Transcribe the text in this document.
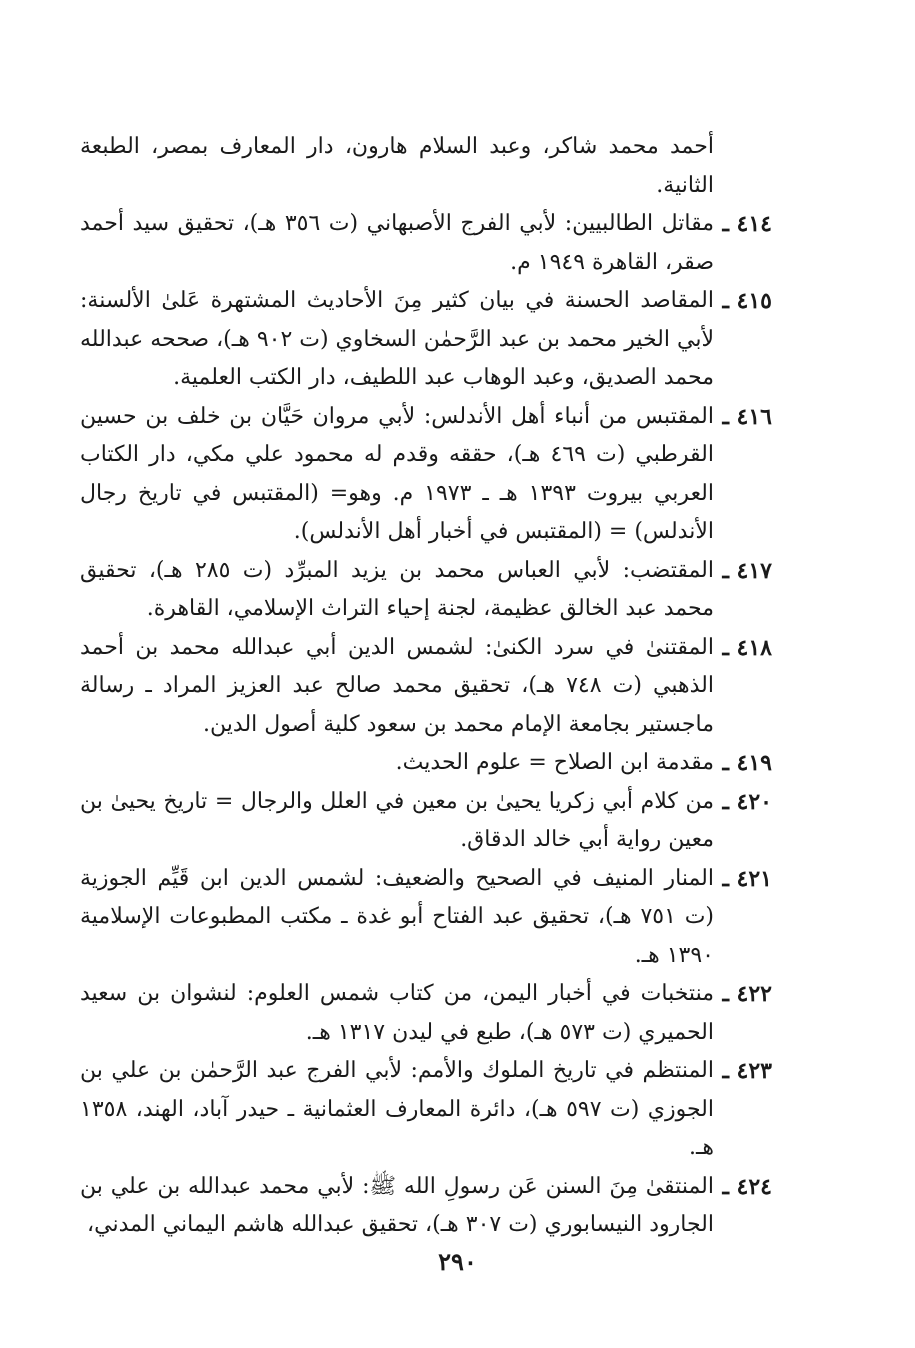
أحمد محمد شاكر، وعبد السلام هارون، دار المعارف بمصر، الطبعة الثانية.

٤١٤ ـ
مقاتل الطالبيين: لأبي الفرج الأصبهاني (ت ٣٥٦ هـ)، تحقيق سيد أحمد صقر، القاهرة ١٩٤٩ م.
٤١٥ ـ
المقاصد الحسنة في بيان كثير مِنَ الأحاديث المشتهرة عَلىٰ الألسنة: لأبي الخير محمد بن عبد الرَّحمٰن السخاوي (ت ٩٠٢ هـ)، صححه عبدالله محمد الصديق، وعبد الوهاب عبد اللطيف، دار الكتب العلمية.
٤١٦ ـ
المقتبس من أنباء أهل الأندلس: لأبي مروان حَيَّان بن خلف بن حسين القرطبي (ت ٤٦٩ هـ)، حققه وقدم له محمود علي مكي، دار الكتاب العربي بيروت ١٣٩٣ هـ ـ ١٩٧٣ م. وهو= (المقتبس في تاريخ رجال الأندلس) = (المقتبس في أخبار أهل الأندلس).
٤١٧ ـ
المقتضب: لأبي العباس محمد بن يزيد المبرِّد (ت ٢٨٥ هـ)، تحقيق محمد عبد الخالق عظيمة، لجنة إحياء التراث الإسلامي، القاهرة.
٤١٨ ـ
المقتنىٰ في سرد الكنىٰ: لشمس الدين أبي عبدالله محمد بن أحمد الذهبي (ت ٧٤٨ هـ)، تحقيق محمد صالح عبد العزيز المراد ـ رسالة ماجستير بجامعة الإمام محمد بن سعود كلية أصول الدين.
٤١٩ ـ
مقدمة ابن الصلاح = علوم الحديث.
٤٢٠ ـ
من كلام أبي زكريا يحيىٰ بن معين في العلل والرجال = تاريخ يحيىٰ بن معين رواية أبي خالد الدقاق.
٤٢١ ـ
المنار المنيف في الصحيح والضعيف: لشمس الدين ابن قَيِّم الجوزية (ت ٧٥١ هـ)، تحقيق عبد الفتاح أبو غدة ـ مكتب المطبوعات الإسلامية ١٣٩٠ هـ.
٤٢٢ ـ
منتخبات في أخبار اليمن، من كتاب شمس العلوم: لنشوان بن سعيد الحميري (ت ٥٧٣ هـ)، طبع في ليدن ١٣١٧ هـ.
٤٢٣ ـ
المنتظم في تاريخ الملوك والأمم: لأبي الفرج عبد الرَّحمٰن بن علي بن الجوزي (ت ٥٩٧ هـ)، دائرة المعارف العثمانية ـ حيدر آباد، الهند، ١٣٥٨ هـ.
٤٢٤ ـ
المنتقىٰ مِنَ السنن عَن رسولِ الله ﷺ: لأبي محمد عبدالله بن علي بن الجارود النيسابوري (ت ٣٠٧ هـ)، تحقيق عبدالله هاشم اليماني المدني،
٢٩٠
